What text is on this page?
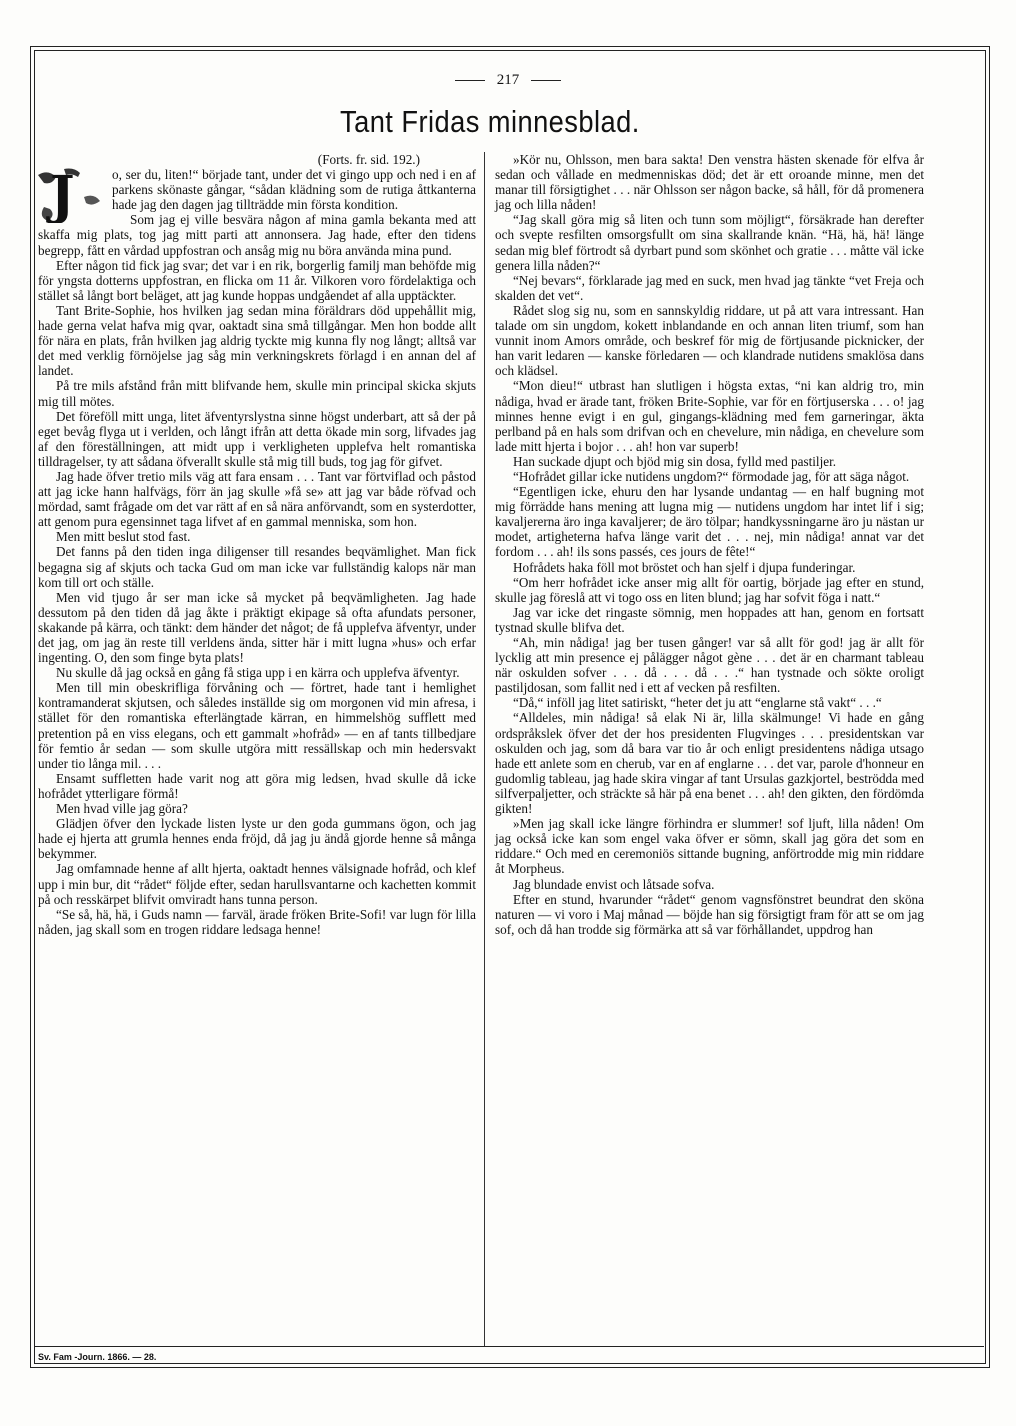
217
Tant Fridas minnesblad.
(Forts. fr. sid. 192.)
J	o, ser du, liten!“ började tant, under det vi gingo upp och ned i en af parkens skönaste gångar, “sådan klädning som de rutiga åttkanterna hade jag den dagen jag tillträdde min första kondition.

Som jag ej ville besvära någon af mina gamla bekanta med att skaffa mig plats, tog jag mitt parti att annonsera. Jag hade, efter den tidens begrepp, fått en vårdad uppfostran och ansåg mig nu böra använda mina pund.

Efter någon tid fick jag svar; det var i en rik, borgerlig familj man behöfde mig för yngsta dotterns uppfostran, en flicka om 11 år. Vilkoren voro fördelaktiga och stället så långt bort beläget, att jag kunde hoppas undgåendet af alla upptäckter.

Tant Brite-Sophie, hos hvilken jag sedan mina föräldrars död uppehållit mig, hade gerna velat hafva mig qvar, oaktadt sina små tillgångar. Men hon bodde allt för nära en plats, från hvilken jag aldrig tyckte mig kunna fly nog långt; alltså var det med verklig förnöjelse jag såg min verkningskrets förlagd i en annan del af landet.

På tre mils afstånd från mitt blifvande hem, skulle min principal skicka skjuts mig till mötes.

Det föreföll mitt unga, litet äfventyrslystna sinne högst underbart, att så der på eget bevåg flyga ut i verlden, och långt ifrån att detta ökade min sorg, lifvades jag af den föreställningen, att midt upp i verkligheten upplefva helt romantiska tilldragelser, ty att sådana öfverallt skulle stå mig till buds, tog jag för gifvet.

Jag hade öfver tretio mils väg att fara ensam . . . Tant var förtviflad och påstod att jag icke hann halfvägs, förr än jag skulle »få se» att jag var både röfvad och mördad, samt frågade om det var rätt af en så nära anförvandt, som en systerdotter, att genom pura egensinnet taga lifvet af en gammal menniska, som hon.

Men mitt beslut stod fast.

Det fanns på den tiden inga diligenser till resandes beqvämlighet. Man fick begagna sig af skjuts och tacka Gud om man icke var fullständig kalops när man kom till ort och ställe.

Men vid tjugo år ser man icke så mycket på beqvämligheten. Jag hade dessutom på den tiden då jag åkte i präktigt ekipage så ofta afundats personer, skakande på kärra, och tänkt: dem händer det något; de få upplefva äfventyr, under det jag, om jag än reste till verldens ända, sitter här i mitt lugna »hus» och erfar ingenting. O, den som finge byta plats!

Nu skulle då jag också en gång få stiga upp i en kärra och upplefva äfventyr.

Men till min obeskrifliga förvåning och — förtret, hade tant i hemlighet kontramanderat skjutsen, och således inställde sig om morgonen vid min afresa, i stället för den romantiska efterlängtade kärran, en himmelshög sufflett med pretention på en viss elegans, och ett gammalt »hofråd» — en af tants tillbedjare för femtio år sedan — som skulle utgöra mitt ressällskap och min hedersvakt under tio långa mil. . . .

Ensamt suffletten hade varit nog att göra mig ledsen, hvad skulle då icke hofrådet ytterligare förmå!

Men hvad ville jag göra?

Glädjen öfver den lyckade listen lyste ur den goda gummans ögon, och jag hade ej hjerta att grumla hennes enda fröjd, då jag ju ändå gjorde henne så många bekymmer.

Jag omfamnade henne af allt hjerta, oaktadt hennes välsignade hofråd, och klef upp i min bur, dit “rådet“ följde efter, sedan harullsvantarne och kachetten kommit på och resskärpet blifvit omviradt hans tunna person.

“Se så, hä, hä, i Guds namn — farväl, ärade fröken Brite-Sofi! var lugn för lilla nåden, jag skall som en trogen riddare ledsaga henne!

»Kör nu, Ohlsson, men bara sakta! Den venstra hästen skenade för elfva år sedan och vållade en medmenniskas död; det är ett oroande minne, men det manar till försigtighet . . . när Ohlsson ser någon backe, så håll, för då promenera jag och lilla nåden!

“Jag skall göra mig så liten och tunn som möjligt“, försäkrade han derefter och svepte resfilten omsorgsfullt om sina skallrande knän. “Hä, hä, hä! länge sedan mig blef förtrodt så dyrbart pund som skönhet och gratie . . . måtte väl icke genera lilla nåden?“

“Nej bevars“, förklarade jag med en suck, men hvad jag tänkte “vet Freja och skalden det vet“.

Rådet slog sig nu, som en sannskyldig riddare, ut på att vara intressant. Han talade om sin ungdom, kokett inblandande en och annan liten triumf, som han vunnit inom Amors område, och beskref för mig de förtjusande picknicker, der han varit ledaren — kanske förledaren — och klandrade nutidens smaklösa dans och klädsel.

“Mon dieu!“ utbrast han slutligen i högsta extas, “ni kan aldrig tro, min nådiga, hvad er ärade tant, fröken Brite-Sophie, var för en förtjuserska . . . o! jag minnes henne evigt i en gul, gingangs-klädning med fem garneringar, äkta perlband på en hals som drifvan och en chevelure, min nådiga, en chevelure som lade mitt hjerta i bojor . . . ah! hon var superb!

Han suckade djupt och bjöd mig sin dosa, fylld med pastiljer.

“Hofrådet gillar icke nutidens ungdom?“ förmodade jag, för att säga något.

“Egentligen icke, ehuru den har lysande undantag — en half bugning mot mig förrädde hans mening att lugna mig — nutidens ungdom har intet lif i sig; kavaljererna äro inga kavaljerer; de äro tölpar; handkyssningarne äro ju nästan ur modet, artigheterna hafva länge varit det . . . nej, min nådiga! annat var det fordom . . . ah! ils sons passés, ces jours de fête!“

Hofrådets haka föll mot bröstet och han sjelf i djupa funderingar.

“Om herr hofrådet icke anser mig allt för oartig, började jag efter en stund, skulle jag föreslå att vi togo oss en liten blund; jag har sofvit föga i natt.“

Jag var icke det ringaste sömnig, men hoppades att han, genom en fortsatt tystnad skulle blifva det.

“Ah, min nådiga! jag ber tusen gånger! var så allt för god! jag är allt för lycklig att min presence ej pålägger något gène . . . det är en charmant tableau när oskulden sofver . . . då . . . då . . .“ han tystnade och sökte oroligt pastiljdosan, som fallit ned i ett af vecken på resfilten.

“Då,“ inföll jag litet satiriskt, “heter det ju att “englarne stå vakt“ . . .“

“Alldeles, min nådiga! så elak Ni är, lilla skälmunge! Vi hade en gång ordspråkslek öfver det der hos presidenten Flugvinges . . . presidentskan var oskulden och jag, som då bara var tio år och enligt presidentens nådiga utsago hade ett anlete som en cherub, var en af englarne . . . det var, parole d'honneur en gudomlig tableau, jag hade skira vingar af tant Ursulas gazkjortel, beströdda med silfverpaljetter, och sträckte så här på ena benet . . . ah! den gikten, den fördömda gikten!

»Men jag skall icke längre förhindra er slummer! sof ljuft, lilla nåden! Om jag också icke kan som engel vaka öfver er sömn, skall jag göra det som en riddare.“ Och med en ceremoniös sittande bugning, anförtrodde mig min riddare åt Morpheus.

Jag blundade envist och låtsade sofva.

Efter en stund, hvarunder “rådet“ genom vagnsfönstret beundrat den sköna naturen — vi voro i Maj månad — böjde han sig försigtigt fram för att se om jag sof, och då han trodde sig förmärka att så var förhållandet, uppdrog han

Sv. Fam -Journ. 1866. — 28.
